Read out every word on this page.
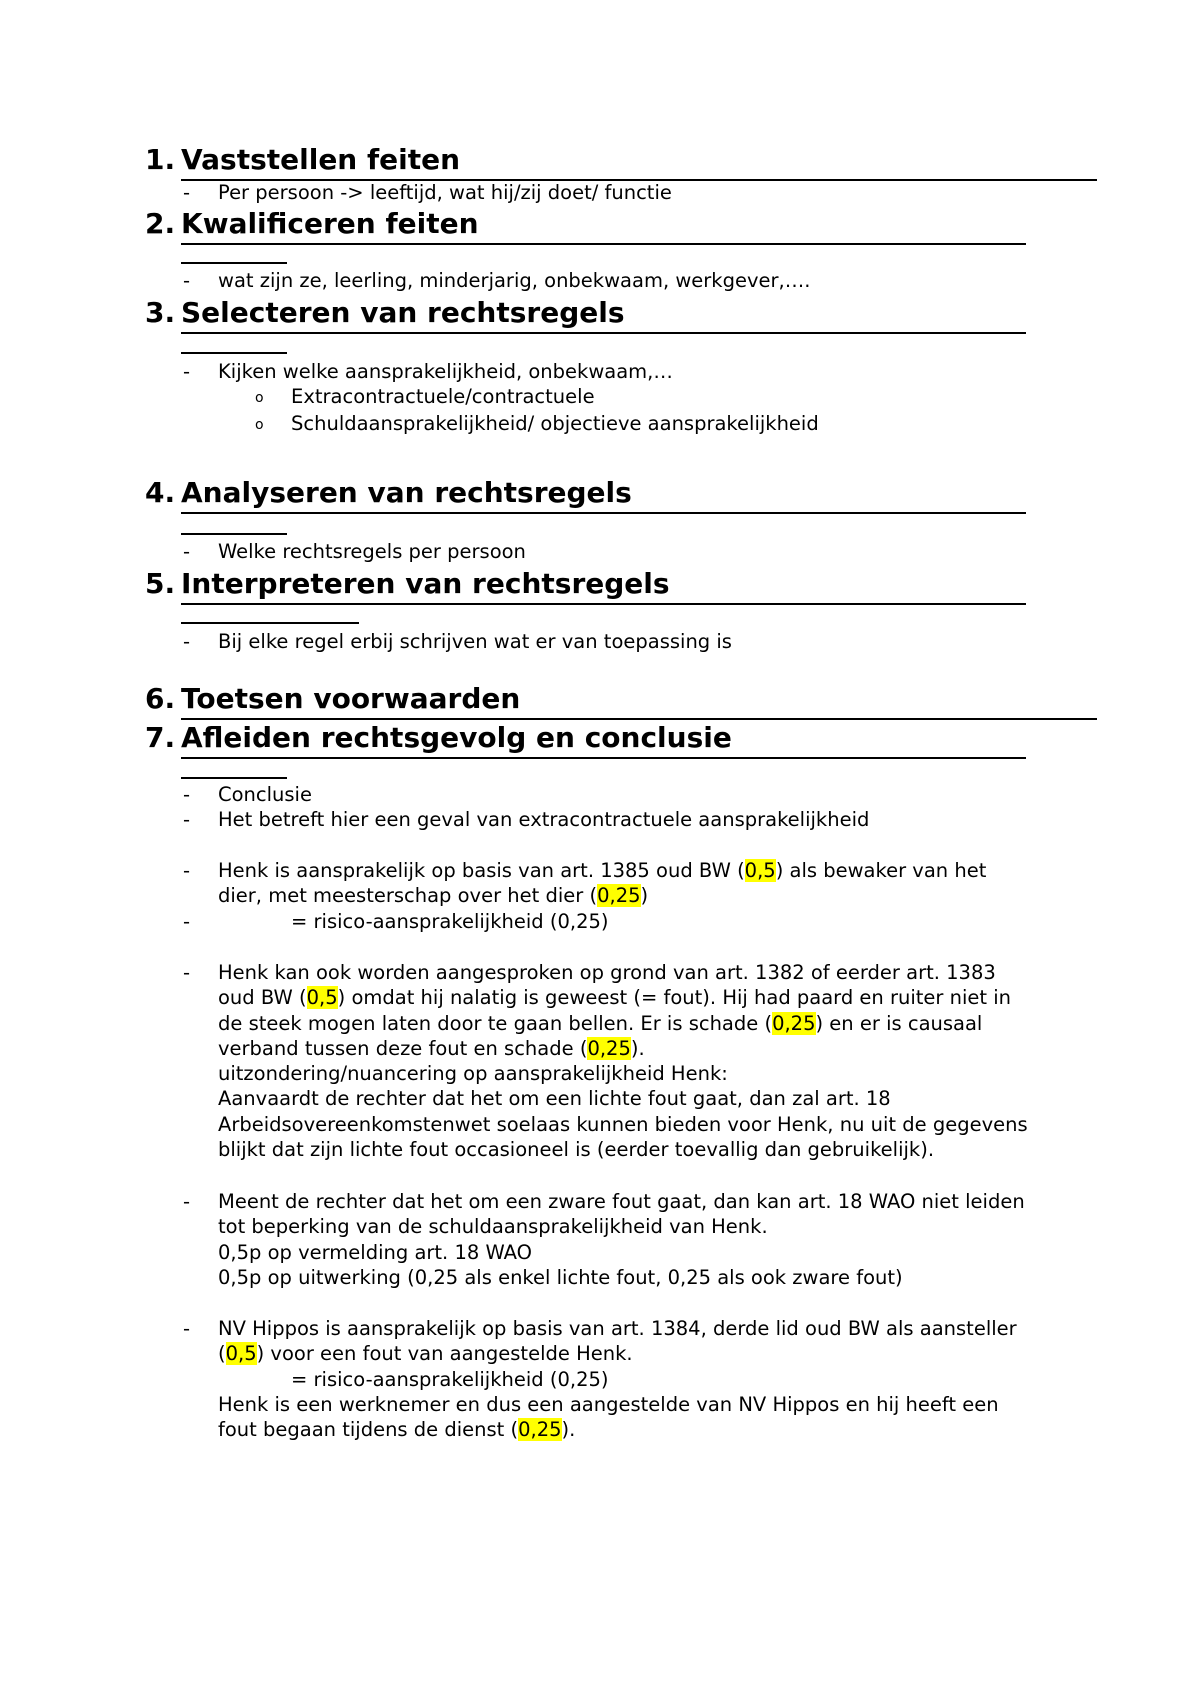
1. Vaststellen feiten
- Per persoon -> leeftijd, wat hij/zij doet/ functie
2. Kwalificeren feiten
- wat zijn ze, leerling, minderjarig, onbekwaam, werkgever,….
3. Selecteren van rechtsregels
- Kijken welke aansprakelijkheid, onbekwaam,…
o Extracontractuele/contractuele
o Schuldaansprakelijkheid/ objectieve aansprakelijkheid
4. Analyseren van rechtsregels
- Welke rechtsregels per persoon
5. Interpreteren van rechtsregels
- Bij elke regel erbij schrijven wat er van toepassing is
6. Toetsen voorwaarden
7. Afleiden rechtsgevolg en conclusie
- Conclusie
- Het betreft hier een geval van extracontractuele aansprakelijkheid
- Henk is aansprakelijk op basis van art. 1385 oud BW (0,5) als bewaker van het
dier, met meesterschap over het dier (0,25)
-	= risico-aansprakelijkheid (0,25)
- Henk kan ook worden aangesproken op grond van art. 1382 of eerder art. 1383
oud BW (0,5) omdat hij nalatig is geweest (= fout). Hij had paard en ruiter niet in
de steek mogen laten door te gaan bellen. Er is schade (0,25) en er is causaal
verband tussen deze fout en schade (0,25).
uitzondering/nuancering op aansprakelijkheid Henk:
Aanvaardt de rechter dat het om een lichte fout gaat, dan zal art. 18
Arbeidsovereenkomstenwet soelaas kunnen bieden voor Henk, nu uit de gegevens
blijkt dat zijn lichte fout occasioneel is (eerder toevallig dan gebruikelijk).
- Meent de rechter dat het om een zware fout gaat, dan kan art. 18 WAO niet leiden
tot beperking van de schuldaansprakelijkheid van Henk.
0,5p op vermelding art. 18 WAO
0,5p op uitwerking (0,25 als enkel lichte fout, 0,25 als ook zware fout)
- NV Hippos is aansprakelijk op basis van art. 1384, derde lid oud BW als aansteller
(0,5) voor een fout van aangestelde Henk.
= risico-aansprakelijkheid (0,25)
Henk is een werknemer en dus een aangestelde van NV Hippos en hij heeft een
fout begaan tijdens de dienst (0,25).
